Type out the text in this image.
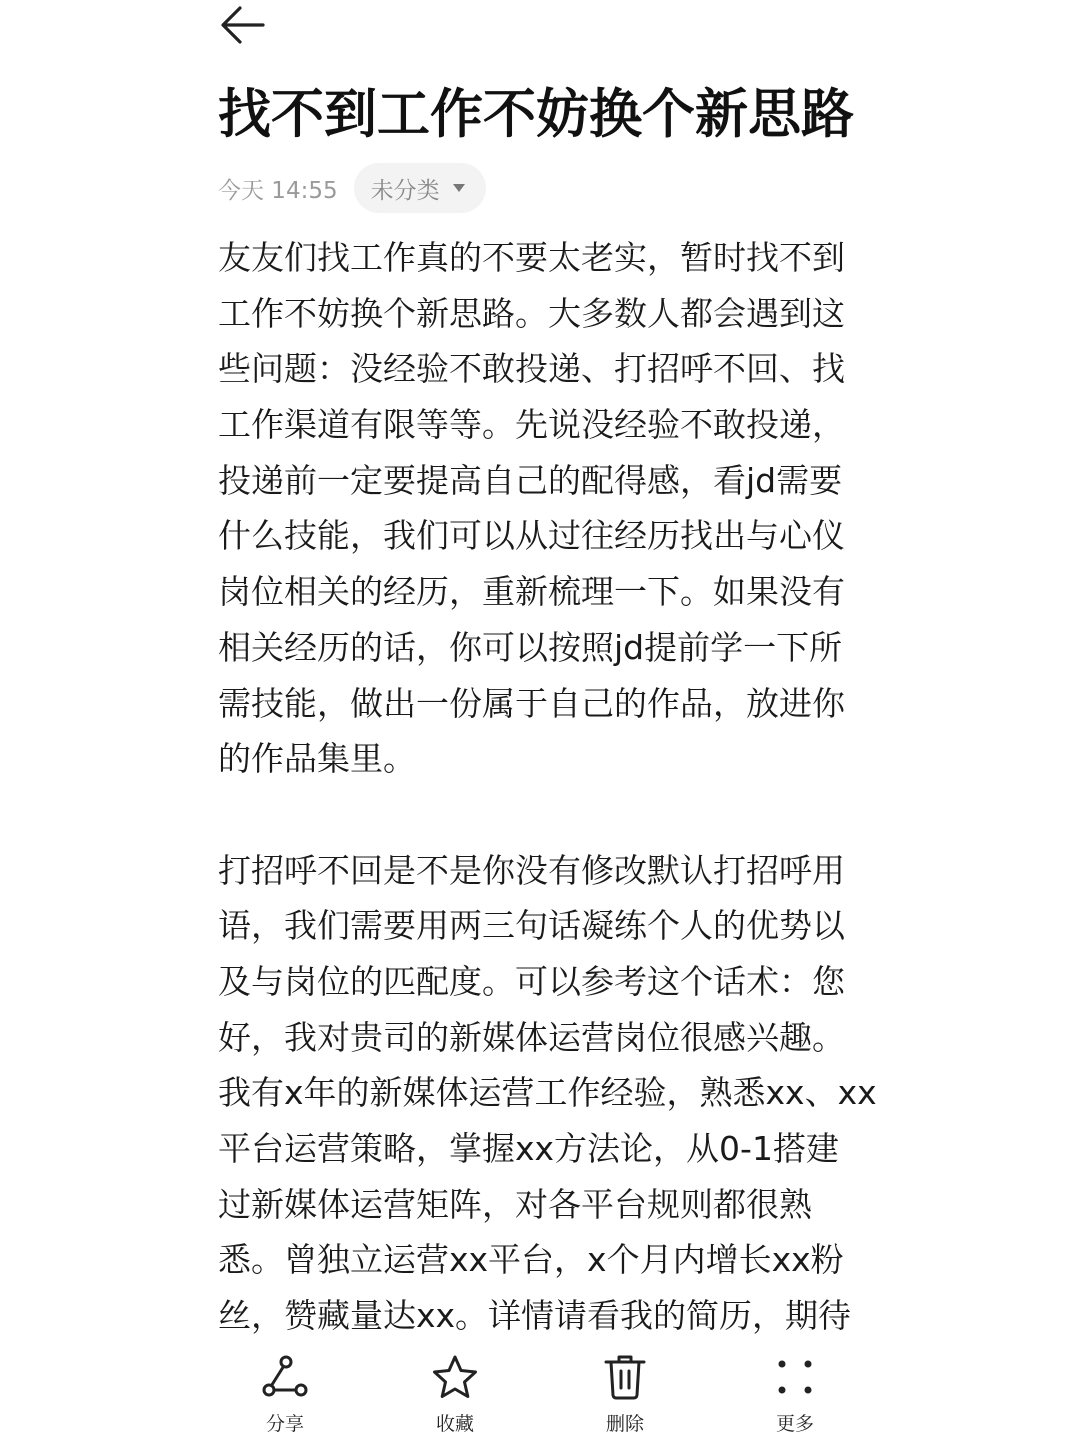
找不到工作不妨换个新思路
今天 14:55 未分类
友友们找工作真的不要太老实，暂时找不到
工作不妨换个新思路。大多数人都会遇到这
些问题：没经验不敢投递、打招呼不回、找
工作渠道有限等等。先说没经验不敢投递，
投递前一定要提高自己的配得感，看jd需要
什么技能，我们可以从过往经历找出与心仪
岗位相关的经历，重新梳理一下。如果没有
相关经历的话，你可以按照jd提前学一下所
需技能，做出一份属于自己的作品，放进你
的作品集里。
打招呼不回是不是你没有修改默认打招呼用
语，我们需要用两三句话凝练个人的优势以
及与岗位的匹配度。可以参考这个话术：您
好，我对贵司的新媒体运营岗位很感兴趣。
我有x年的新媒体运营工作经验，熟悉xx、xx
平台运营策略，掌握xx方法论，从0-1搭建
过新媒体运营矩阵，对各平台规则都很熟
悉。曾独立运营xx平台，x个月内增长xx粉
丝，赞藏量达xx。详情请看我的简历，期待
分享	收藏	删除	更多
